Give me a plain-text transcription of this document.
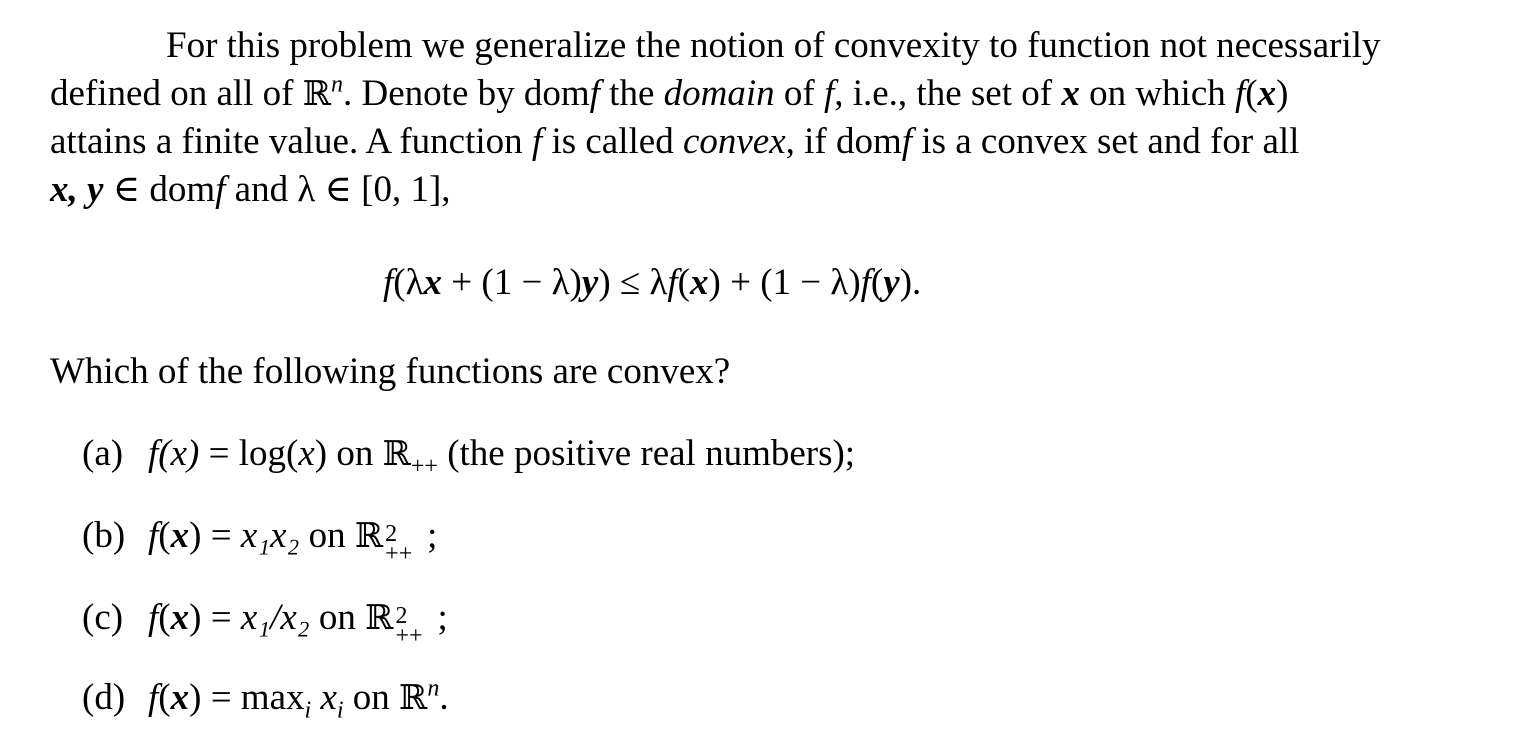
For this problem we generalize the notion of convexity to function not necessarily
defined on all of ℝ$^n$. Denote by domf the domain of f, i.e., the set of x on which f(x)
attains a finite value. A function f is called convex, if domf is a convex set and for all
x, y ∈ domf and λ ∈ [0, 1],
f(λx + (1 − λ)y) ≤ λf(x) + (1 − λ)f(y).
Which of the following functions are convex?
(a) f(x) = log(x) on ℝ$_{++}$ (the positive real numbers);
(b) f(x) = x₁x₂ on ℝ 2
++ ;
(c) f(x) = x₁/x₂ on ℝ 2
++ ;
(d) $f(x) = \max_i x_i$ on ℝ$^n$.
